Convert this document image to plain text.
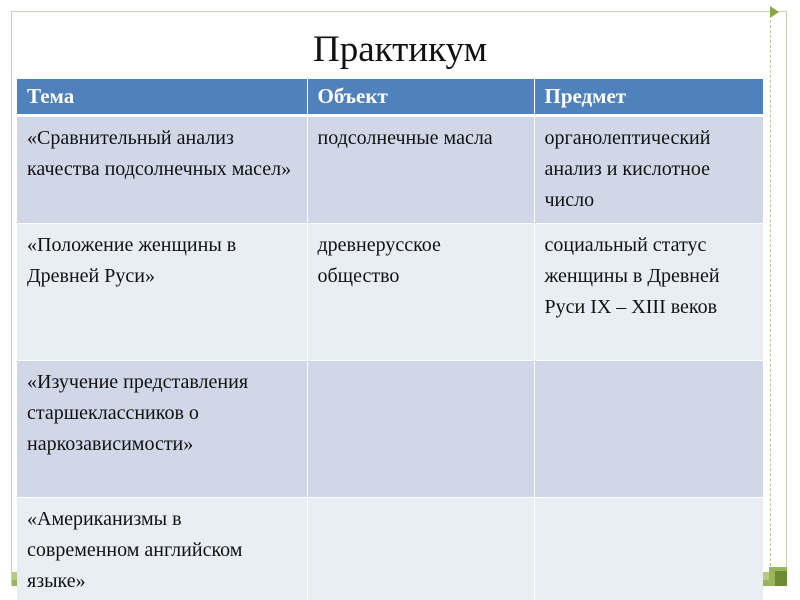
Практикум
Тема	Объект	Предмет
«Сравнительный анализ качества подсолнечных масел»	подсолнечные масла	органолептический анализ и кислотное число
«Положение женщины в Древней Руси»	древнерусское общество	социальный статус женщины в Древней Руси IX – XIII веков
«Изучение представления старшеклассников о наркозависимости»		
«Американизмы в современном английском языке»		
